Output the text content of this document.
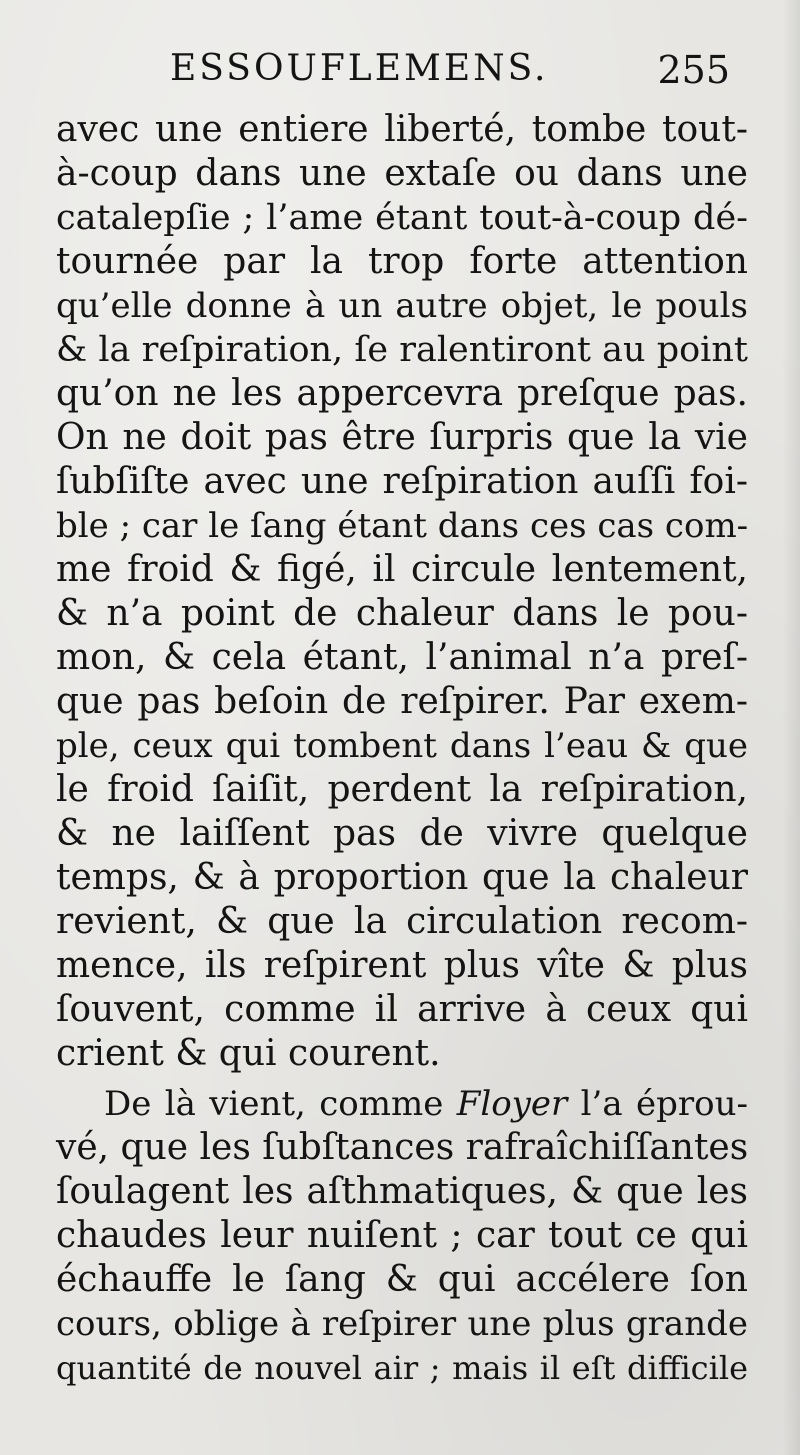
ESSOUFLEMENS.	255
avec une entiere liberté, tombe tout-
à-coup dans une extaſe ou dans une
catalepſie ; l’ame étant tout-à-coup dé-
tournée par la trop forte attention
qu’elle donne à un autre objet, le pouls
& la reſpiration, ſe ralentiront au point
qu’on ne les appercevra preſque pas.
On ne doit pas être ſurpris que la vie
ſubſiſte avec une reſpiration auſſi foi-
ble ; car le ſang étant dans ces cas com-
me froid & figé, il circule lentement,
& n’a point de chaleur dans le pou-
mon, & cela étant, l’animal n’a preſ-
que pas beſoin de reſpirer. Par exem-
ple, ceux qui tombent dans l’eau & que
le froid ſaiſit, perdent la reſpiration,
& ne laiſſent pas de vivre quelque
temps, & à proportion que la chaleur
revient, & que la circulation recom-
mence, ils reſpirent plus vîte & plus
ſouvent, comme il arrive à ceux qui
crient & qui courent.
De là vient, comme Floyer l’a éprou-
vé, que les ſubſtances rafraîchiſſantes
ſoulagent les aſthmatiques, & que les
chaudes leur nuiſent ; car tout ce qui
échauffe le ſang & qui accélere ſon
cours, oblige à reſpirer une plus grande
quantité de nouvel air ; mais il eſt difficile
